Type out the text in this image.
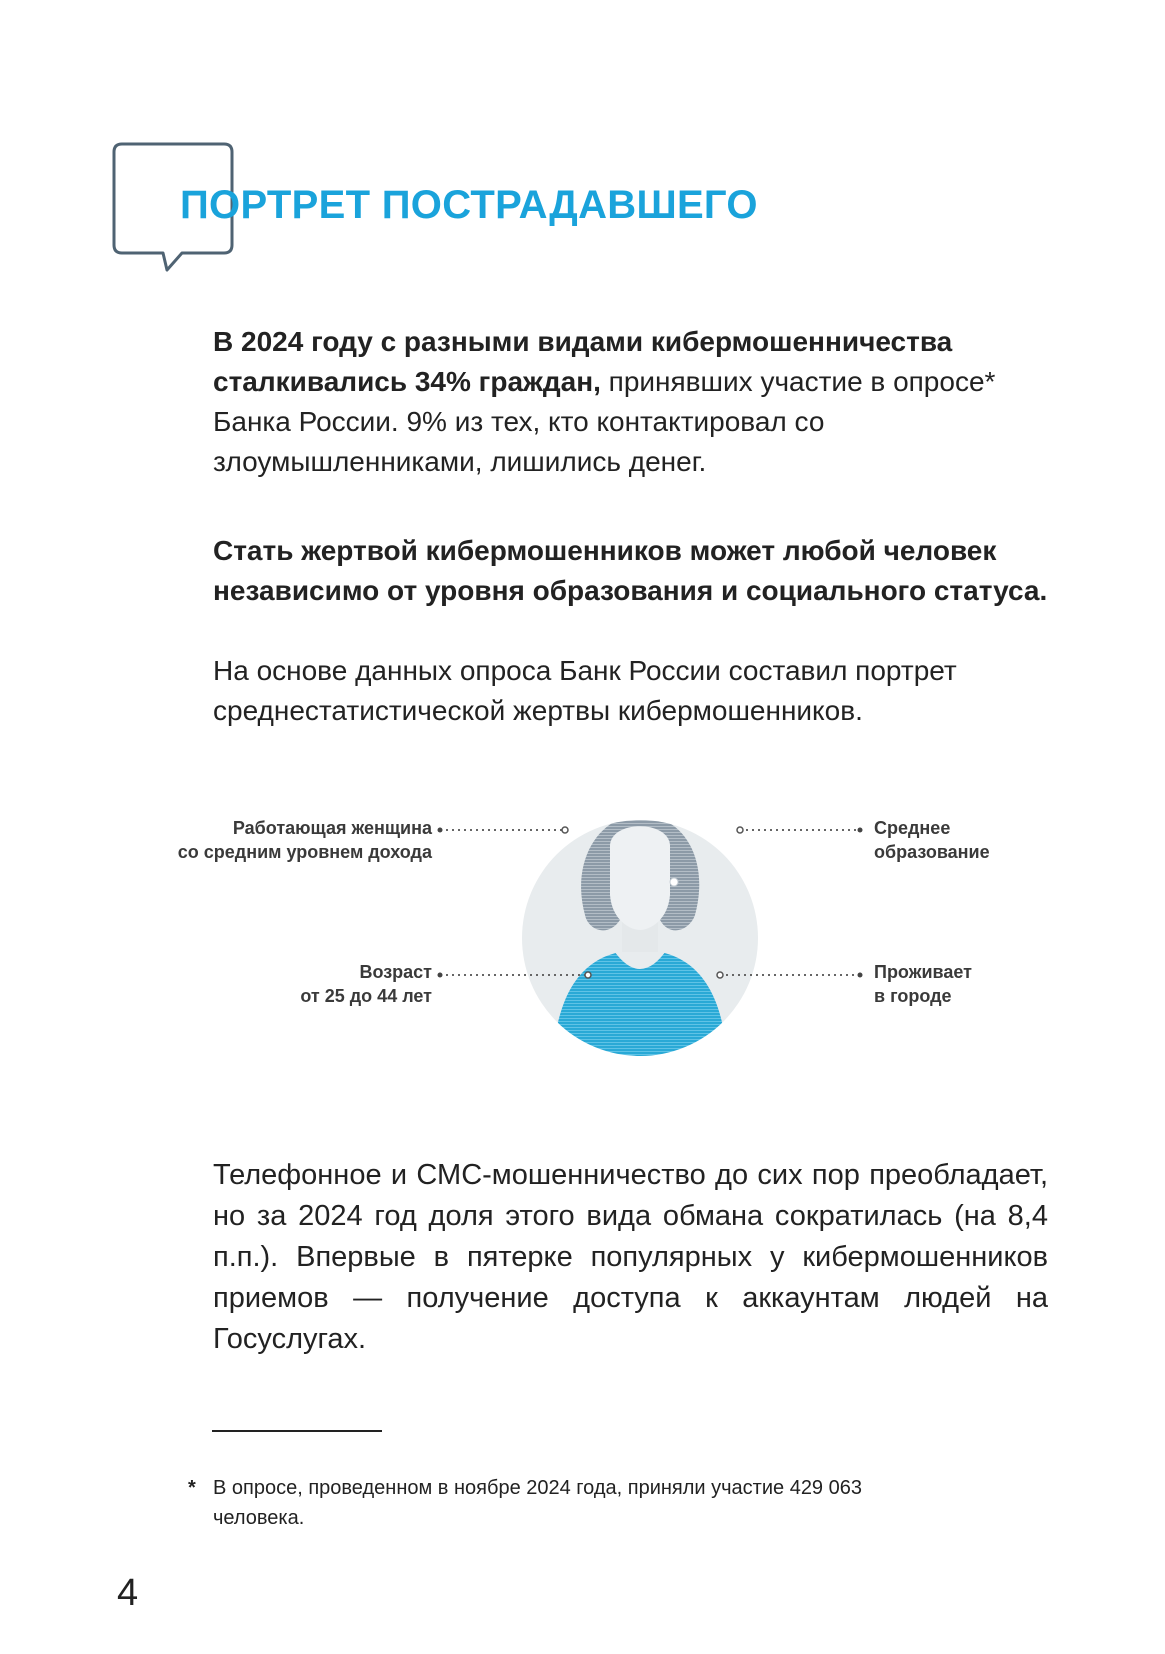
ПОРТРЕТ ПОСТРАДАВШЕГО

В 2024 году с разными видами кибермошенничества сталкивались 34% граждан, принявших участие в опросе* Банка России. 9% из тех, кто контактировал со злоумышленниками, лишились денег.

Стать жертвой кибермошенников может любой человек независимо от уровня образования и социального статуса.

На основе данных опроса Банк России составил портрет среднестатистической жертвы кибермошенников.

Работающая женщина
со средним уровнем дохода
Среднее
образование
Возраст
от 25 до 44 лет
Проживает
в городе

Телефонное и СМС-мошенничество до сих пор преобладает, но за 2024 год доля этого вида обмана сократилась (на 8,4 п.п.). Впервые в пятерке популярных у кибермошенников приемов — получение доступа к аккаунтам людей на Госуслугах.

* В опросе, проведенном в ноябре 2024 года, приняли участие 429 063 человека.

4
